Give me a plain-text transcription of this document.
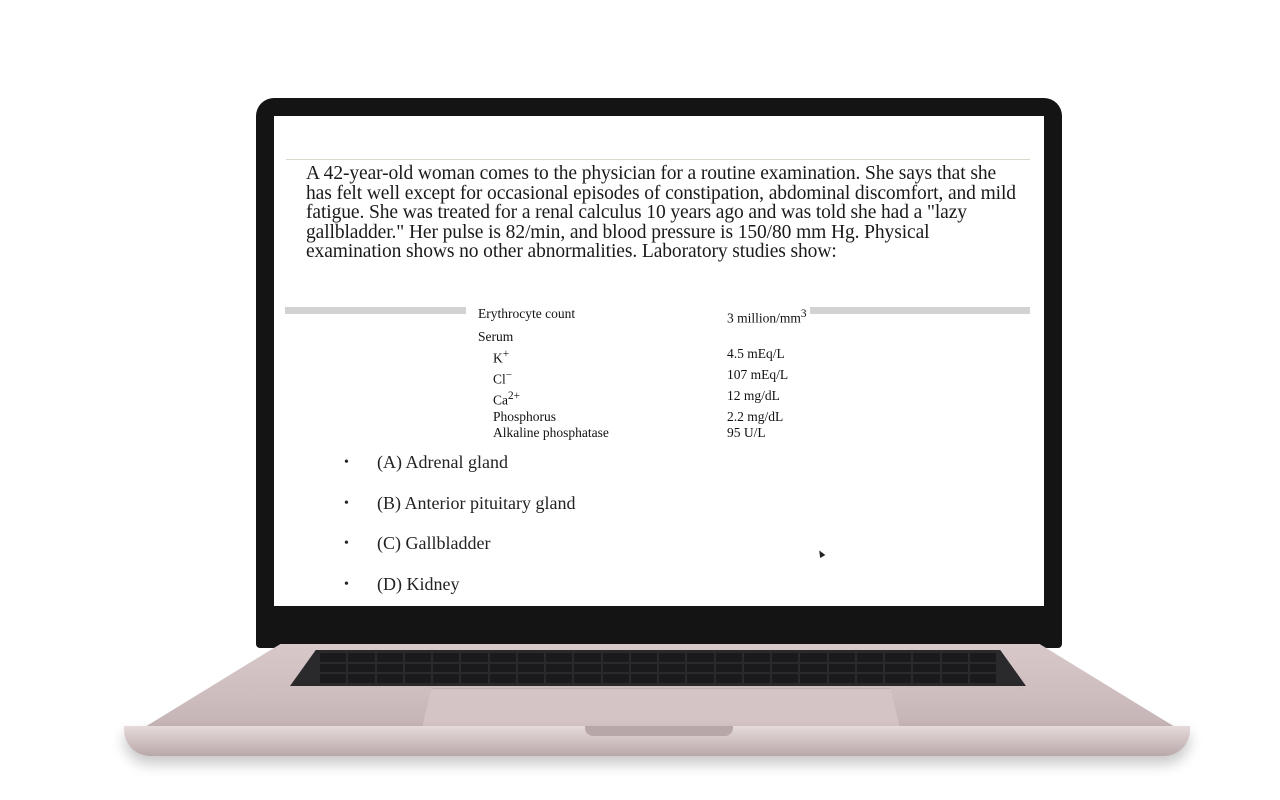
A 42-year-old woman comes to the physician for a routine examination. She says that she has felt well except for occasional episodes of constipation, abdominal discomfort, and mild fatigue. She was treated for a renal calculus 10 years ago and was told she had a "lazy gallbladder." Her pulse is 82/min, and blood pressure is 150/80 mm Hg. Physical examination shows no other abnormalities. Laboratory studies show:

Erythrocyte count	3 million/$mm^3$
Serum	
K+	4.5 mEq/L
Cl−	107 mEq/L
$Ca^{2+}$	12 mg/dL
Phosphorus	2.2 mg/dL
Alkaline phosphatase	95 U/L
•	(A) Adrenal gland
•	(B) Anterior pituitary gland
•	(C) Gallbladder
•	(D) Kidney
